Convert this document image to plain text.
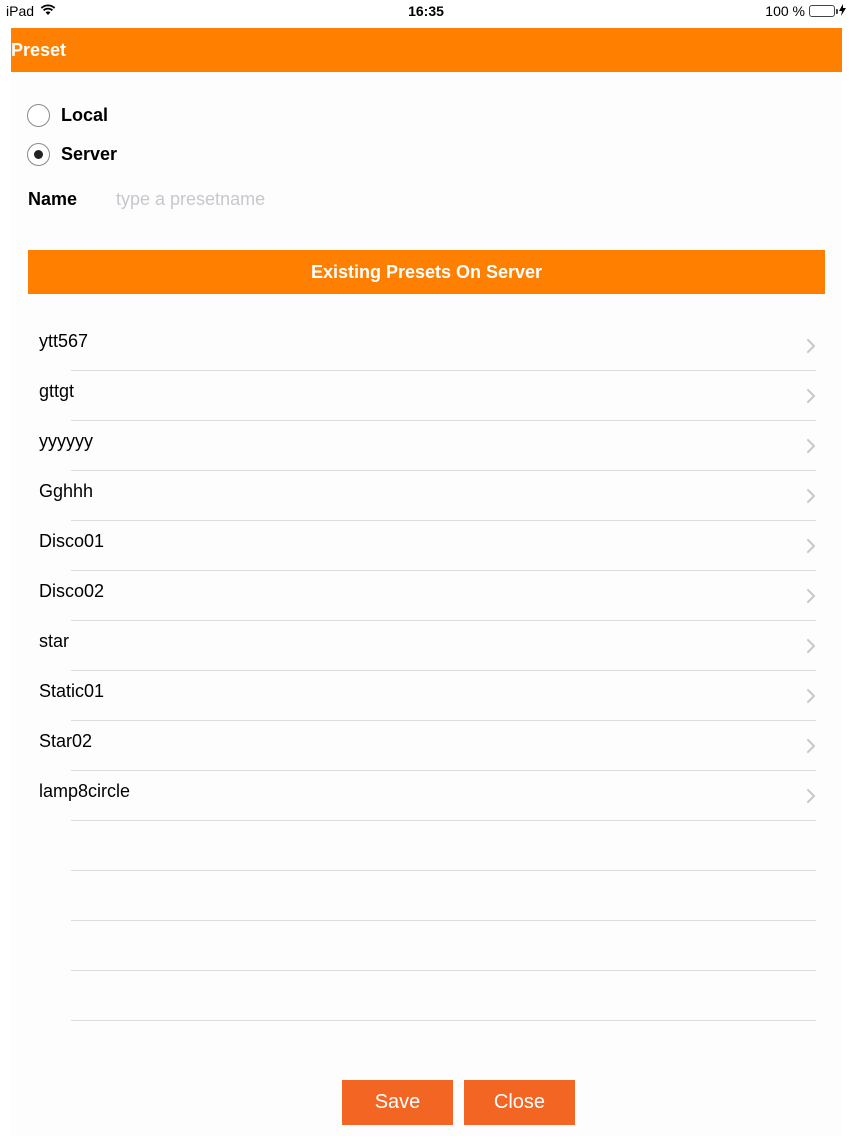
iPad	16:35	100 %
Preset
Local
Server
Name
type a presetname
Existing Presets On Server
ytt567
gttgt
yyyyyy
Gghhh
Disco01
Disco02
star
Static01
Star02
lamp8circle
Save	Close
